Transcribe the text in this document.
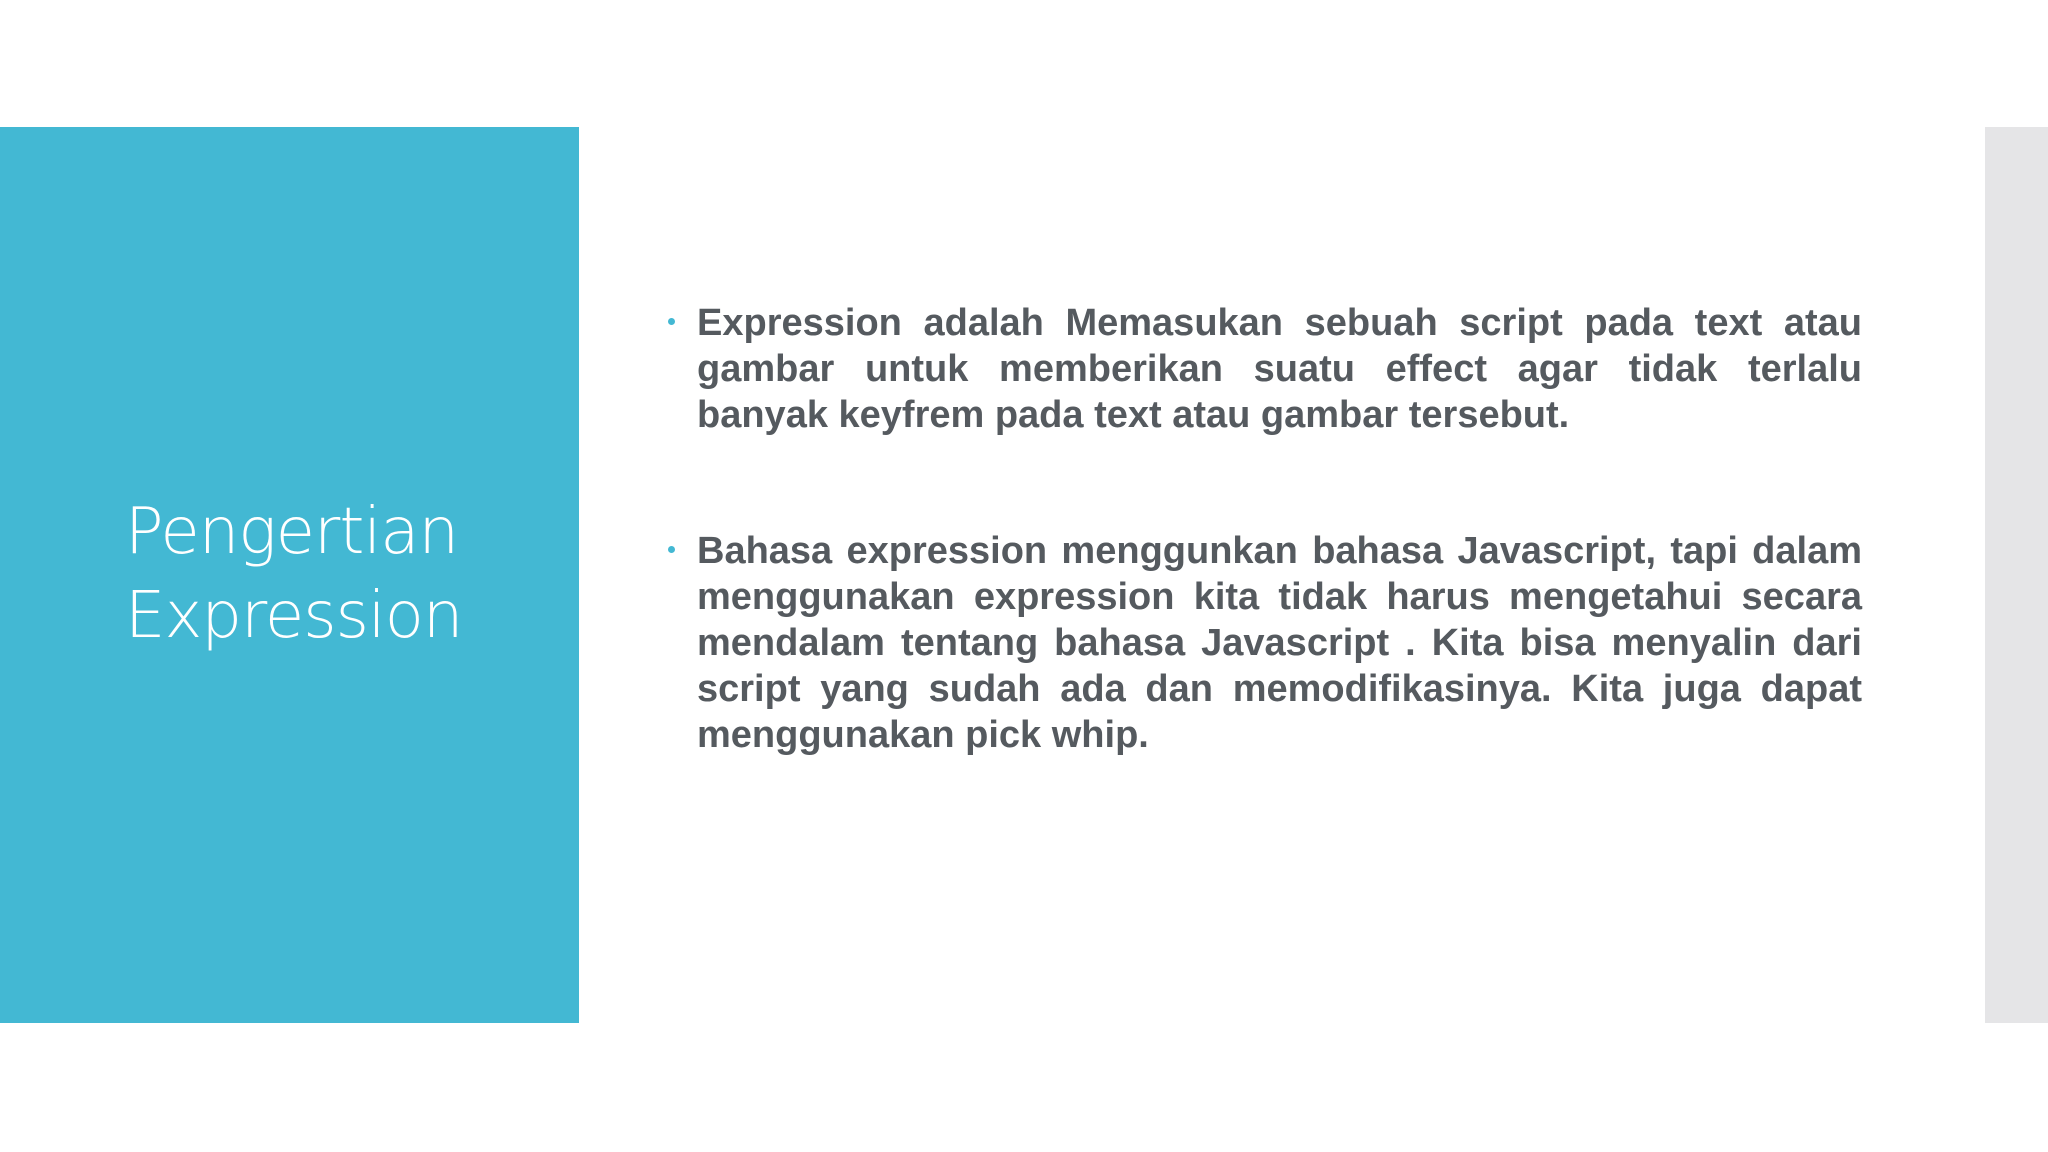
Pengertian
Expression

Expression adalah Memasukan sebuah script pada text atau gambar untuk memberikan suatu effect agar tidak terlalu banyak keyfrem pada text atau gambar tersebut.

Bahasa expression menggunkan bahasa Javascript, tapi dalam menggunakan expression kita tidak harus mengetahui secara mendalam tentang bahasa Javascript . Kita bisa menyalin dari script yang sudah ada dan memodifikasinya. Kita juga dapat menggunakan pick whip.
